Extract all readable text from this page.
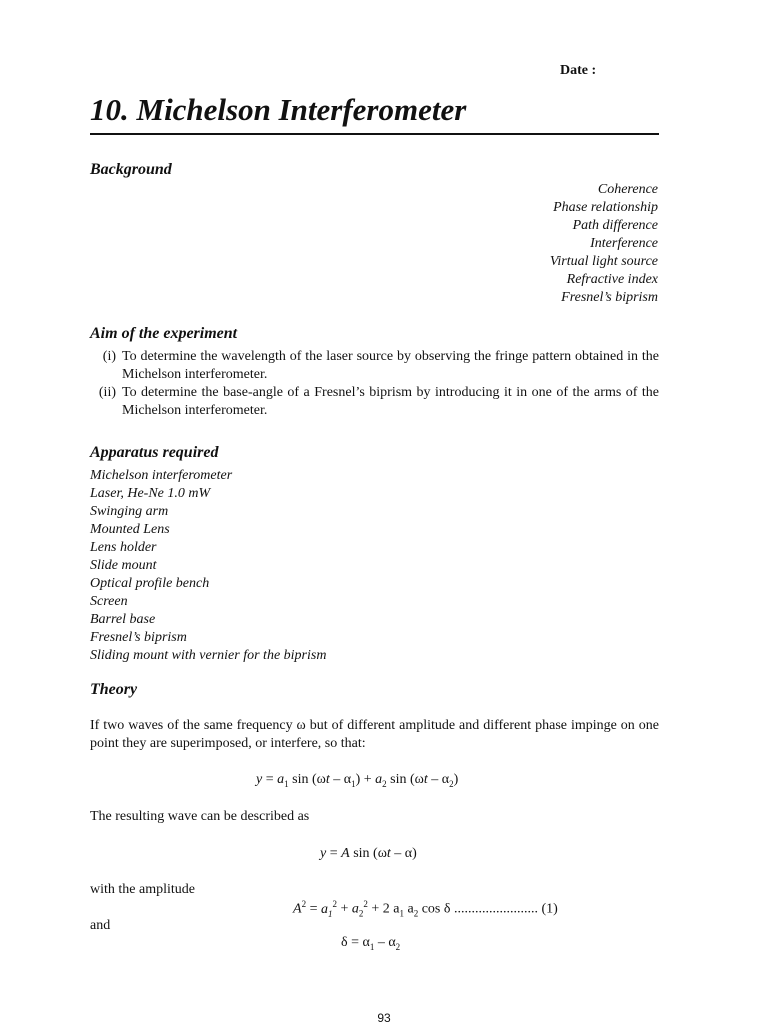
Date :
10. Michelson Interferometer
Background
Coherence
Phase relationship
Path difference
Interference
Virtual light source
Refractive index
Fresnel’s biprism
Aim of the experiment
(i) To determine the wavelength of the laser source by observing the fringe pattern obtained in the Michelson interferometer.
(ii) To determine the base-angle of a Fresnel’s biprism by introducing it in one of the arms of the Michelson interferometer.
Apparatus required
Michelson interferometer
Laser, He-Ne 1.0 mW
Swinging arm
Mounted Lens
Lens holder
Slide mount
Optical profile bench
Screen
Barrel base
Fresnel’s biprism
Sliding mount with vernier for the biprism
Theory
If two waves of the same frequency ω but of different amplitude and different phase impinge on one point they are superimposed, or interfere, so that:
$y = a_1$ $\sin (\omega t - \alpha_1) + a_2$ $\sin (\omega t - \alpha_2)$
The resulting wave can be described as
y = A sin (ωt – α)
with the amplitude
$A^2 = a_1^2 + a_2^2 + 2$ $a_1$ $a_2$ cos δ ........................ (1)
and
$\delta = \alpha_1 - \alpha_2$
93
